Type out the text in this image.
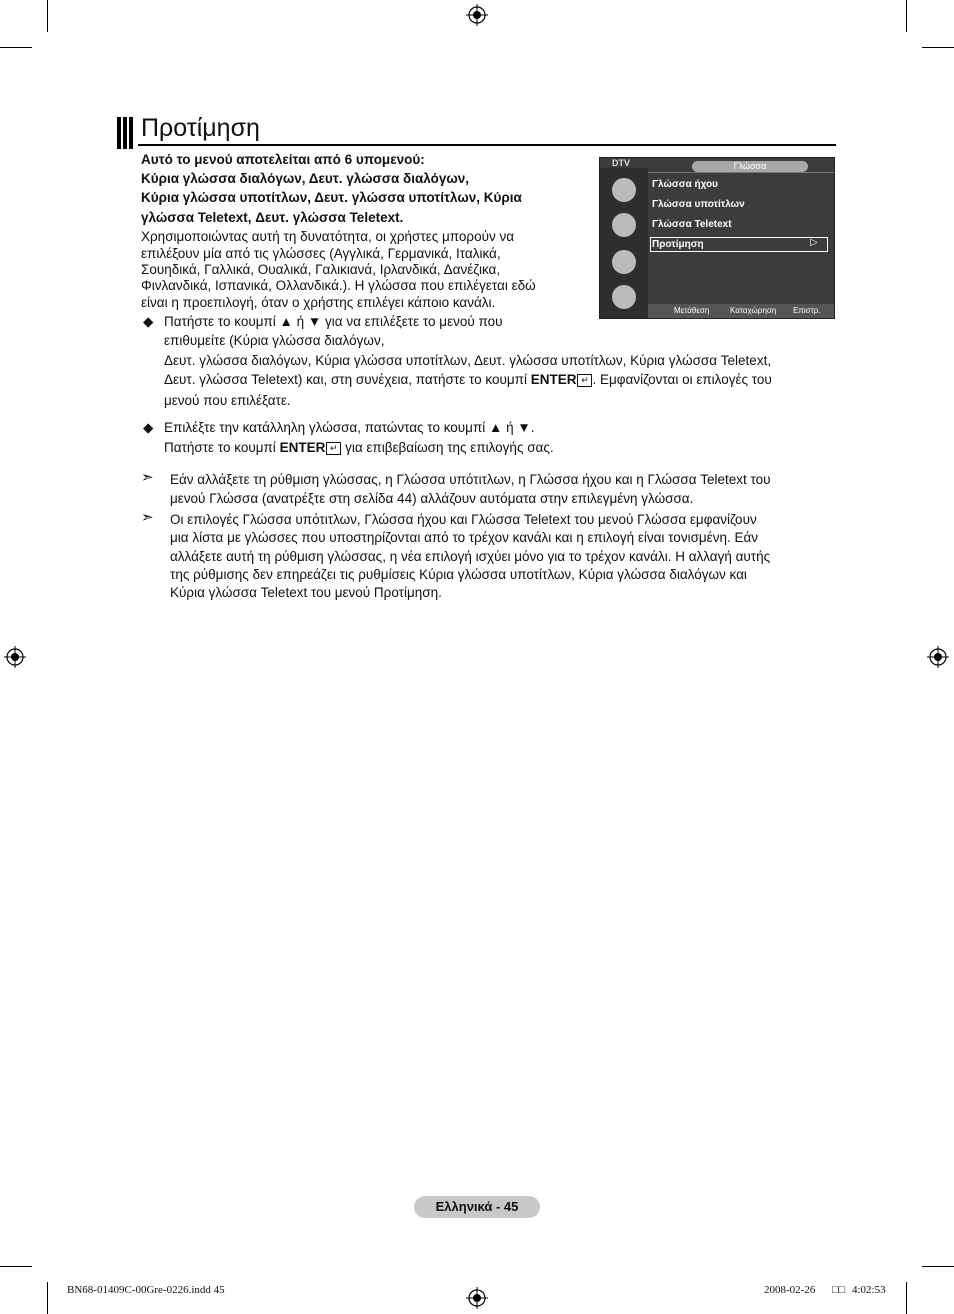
Προτίμηση
Αυτό το μενού αποτελείται από 6 υπομενού:
Κύρια γλώσσα διαλόγων, Δευτ. γλώσσα διαλόγων,
Κύρια γλώσσα υποτίτλων, Δευτ. γλώσσα υποτίτλων, Κύρια
γλώσσα Teletext, Δευτ. γλώσσα Teletext.
Χρησιμοποιώντας αυτή τη δυνατότητα, οι χρήστες μπορούν να
επιλέξουν μία από τις γλώσσες (Αγγλικά, Γερμανικά, Ιταλικά,
Σουηδικά, Γαλλικά, Ουαλικά, Γαλικιανά, Ιρλανδικά, Δανέζικα,
Φινλανδικά, Ισπανικά, Ολλανδικά.). Η γλώσσα που επιλέγεται εδώ
είναι η προεπιλογή, όταν ο χρήστης επιλέγει κάποιο κανάλι.
◆ Πατήστε το κουμπί ▲ ή ▼ για να επιλέξετε το μενού που
επιθυμείτε (Κύρια γλώσσα διαλόγων,
Δευτ. γλώσσα διαλόγων, Κύρια γλώσσα υποτίτλων, Δευτ. γλώσσα υποτίτλων, Κύρια γλώσσα Teletext,
Δευτ. γλώσσα Teletext) και, στη συνέχεια, πατήστε το κουμπί ENTER ↵ . Εμφανίζονται οι επιλογές του
μενού που επιλέξατε.
◆ Επιλέξτε την κατάλληλη γλώσσα, πατώντας το κουμπί ▲ ή ▼.
Πατήστε το κουμπί ENTER ↵ για επιβεβαίωση της επιλογής σας.
➣ Εάν αλλάξετε τη ρύθμιση γλώσσας, η Γλώσσα υπότιτλων, η Γλώσσα ήχου και η Γλώσσα Teletext του
μενού Γλώσσα (ανατρέξτε στη σελίδα 44) αλλάζουν αυτόματα στην επιλεγμένη γλώσσα.
➣ Οι επιλογές Γλώσσα υπότιτλων, Γλώσσα ήχου και Γλώσσα Teletext του μενού Γλώσσα εμφανίζουν
μια λίστα με γλώσσες που υποστηρίζονται από το τρέχον κανάλι και η επιλογή είναι τονισμένη. Εάν
αλλάξετε αυτή τη ρύθμιση γλώσσας, η νέα επιλογή ισχύει μόνο για το τρέχον κανάλι. Η αλλαγή αυτής
της ρύθμισης δεν επηρεάζει τις ρυθμίσεις Κύρια γλώσσα υποτίτλων, Κύρια γλώσσα διαλόγων και
Κύρια γλώσσα Teletext του μενού Προτίμηση.
DTV	Γλώσσα
Γλώσσα ήχου
Γλώσσα υποτίτλων
Γλώσσα Teletext
Προτίμηση	▷
Μετάθεση	Καταχώρηση Επιστρ.
Ελληνικά - 45
BN68-01409C-00Gre-0226.indd 45	2008-02-26 □□ 4:02:53
